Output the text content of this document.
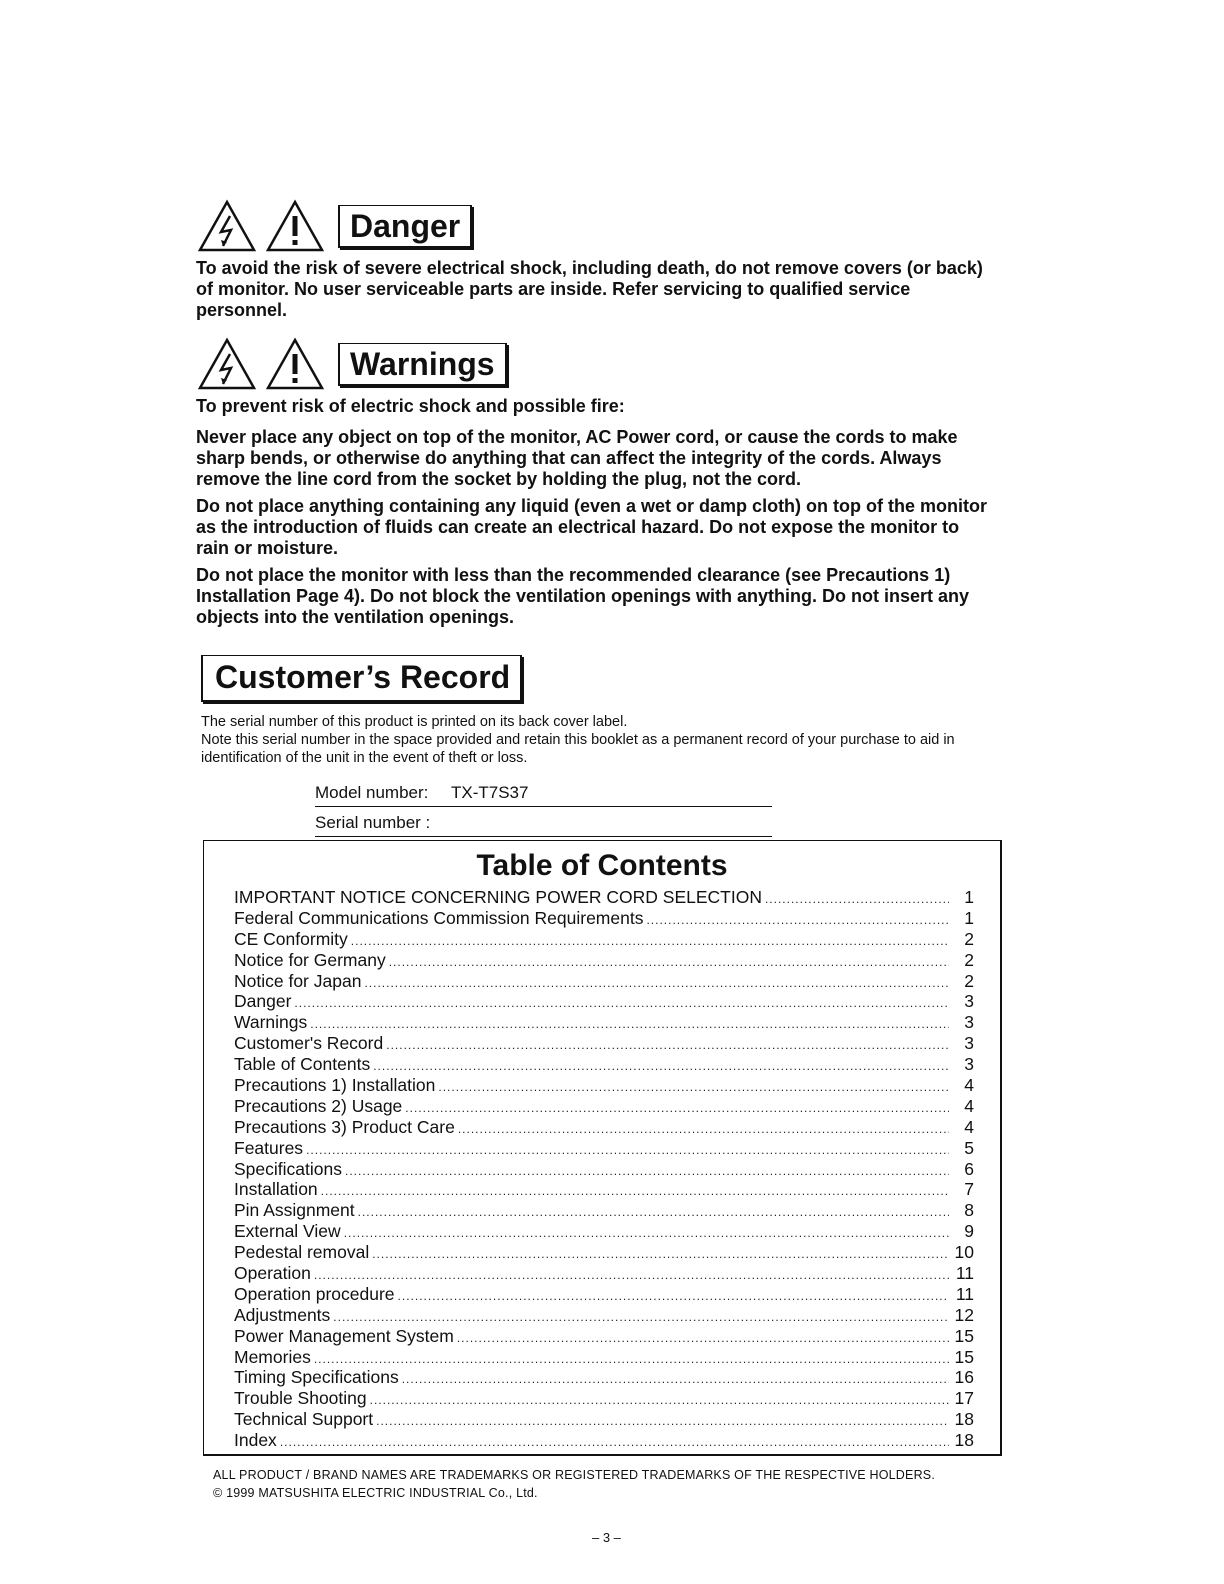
Danger

To avoid the risk of severe electrical shock, including death, do not remove covers (or back) of monitor. No user serviceable parts are inside. Refer servicing to qualified service personnel.

Warnings

To prevent risk of electric shock and possible fire:

Never place any object on top of the monitor, AC Power cord, or cause the cords to make sharp bends, or otherwise do anything that can affect the integrity of the cords. Always remove the line cord from the socket by holding the plug, not the cord.

Do not place anything containing any liquid (even a wet or damp cloth) on top of the monitor as the introduction of fluids can create an electrical hazard. Do not expose the monitor to rain or moisture.

Do not place the monitor with less than the recommended clearance (see Precautions 1) Installation Page 4). Do not block the ventilation openings with anything. Do not insert any objects into the ventilation openings.

Customer’s Record

The serial number of this product is printed on its back cover label.

Note this serial number in the space provided and retain this booklet as a permanent record of your purchase to aid in identification of the unit in the event of theft or loss.

Model number: TX-T7S37
Serial number :
Table of Contents
IMPORTANT NOTICE CONCERNING POWER CORD SELECTION .....	1
Federal Communications Commission Requirements .....	1
CE Conformity .....	2
Notice for Germany .....	2
Notice for Japan .....	2
Danger .....	3
Warnings .....	3
Customer's Record .....	3
Table of Contents .....	3
Precautions 1) Installation .....	4
Precautions 2) Usage .....	4
Precautions 3) Product Care .....	4
Features .....	5
Specifications .....	6
Installation .....	7
Pin Assignment .....	8
External View .....	9
Pedestal removal .....	10
Operation .....	11
Operation procedure .....	11
Adjustments .....	12
Power Management System .....	15
Memories .....	15
Timing Specifications .....	16
Trouble Shooting .....	17
Technical Support .....	18
Index .....	18

ALL PRODUCT / BRAND NAMES ARE TRADEMARKS OR REGISTERED TRADEMARKS OF THE RESPECTIVE HOLDERS.

© 1999 MATSUSHITA ELECTRIC INDUSTRIAL Co., Ltd.

– 3 –
